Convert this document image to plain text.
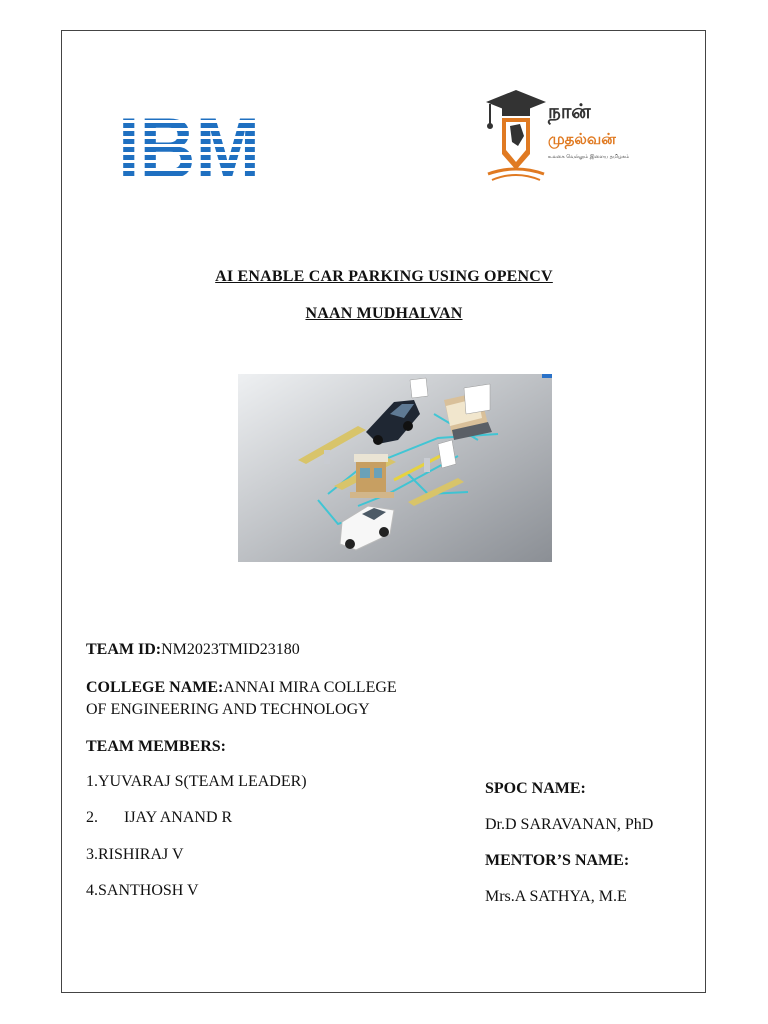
நான்
முதல்வன்
உலகை வெல்லும் இளைய தமிழகம்
AI ENABLE CAR PARKING USING OPENCV
NAAN MUDHALVAN
TEAM ID:NM2023TMID23180
COLLEGE NAME:ANNAI MIRA COLLEGE
OF ENGINEERING AND TECHNOLOGY
TEAM MEMBERS:
1.YUVARAJ S(TEAM LEADER)
2. IJAY ANAND R
3.RISHIRAJ V
4.SANTHOSH V
SPOC NAME:
Dr.D SARAVANAN, PhD
MENTOR’S NAME:
Mrs.A SATHYA, M.E
